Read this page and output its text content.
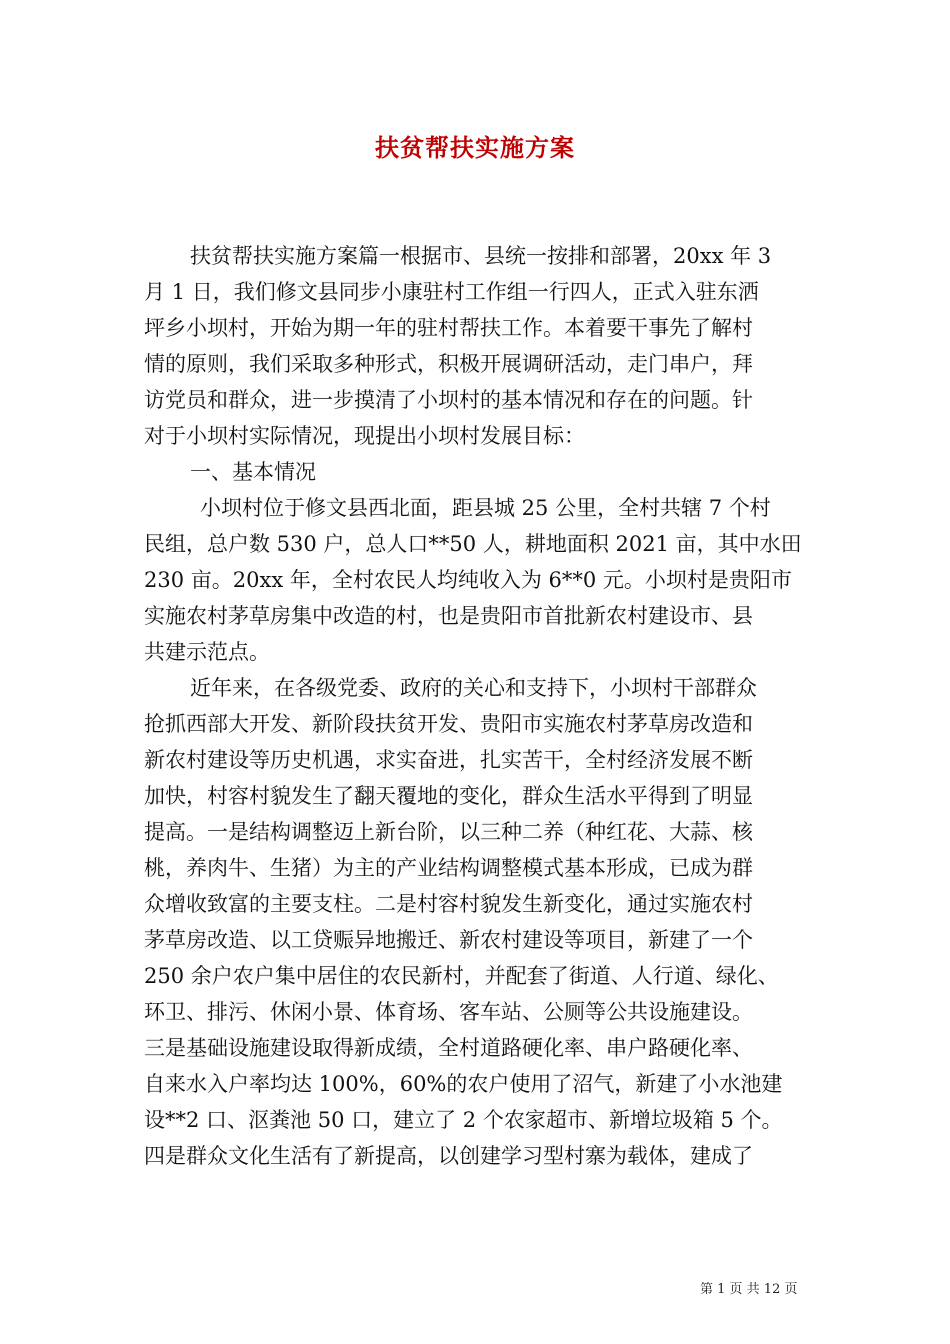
扶贫帮扶实施方案
扶贫帮扶实施方案篇一根据市、县统一按排和部署，20xx 年 3
月 1 日，我们修文县同步小康驻村工作组一行四人，正式入驻东洒
坪乡小坝村，开始为期一年的驻村帮扶工作。本着要干事先了解村
情的原则，我们采取多种形式，积极开展调研活动，走门串户，拜
访党员和群众，进一步摸清了小坝村的基本情况和存在的问题。针
对于小坝村实际情况，现提出小坝村发展目标：
一、基本情况
小坝村位于修文县西北面，距县城 25 公里，全村共辖 7 个村
民组，总户数 530 户，总人口**50 人，耕地面积 2021 亩，其中水田
230 亩。20xx 年，全村农民人均纯收入为 6**0 元。小坝村是贵阳市
实施农村茅草房集中改造的村，也是贵阳市首批新农村建设市、县
共建示范点。
近年来，在各级党委、政府的关心和支持下，小坝村干部群众
抢抓西部大开发、新阶段扶贫开发、贵阳市实施农村茅草房改造和
新农村建设等历史机遇，求实奋进，扎实苦干，全村经济发展不断
加快，村容村貌发生了翻天覆地的变化，群众生活水平得到了明显
提高。一是结构调整迈上新台阶，以三种二养（种红花、大蒜、核
桃，养肉牛、生猪）为主的产业结构调整模式基本形成，已成为群
众增收致富的主要支柱。二是村容村貌发生新变化，通过实施农村
茅草房改造、以工贷赈异地搬迁、新农村建设等项目，新建了一个
250 余户农户集中居住的农民新村，并配套了街道、人行道、绿化、
环卫、排污、休闲小景、体育场、客车站、公厕等公共设施建设。
三是基础设施建设取得新成绩，全村道路硬化率、串户路硬化率、
自来水入户率均达 100%，60%的农户使用了沼气，新建了小水池建
设**2 口、沤粪池 50 口，建立了 2 个农家超市、新增垃圾箱 5 个。
四是群众文化生活有了新提高，以创建学习型村寨为载体，建成了
第 1 页 共 12 页
